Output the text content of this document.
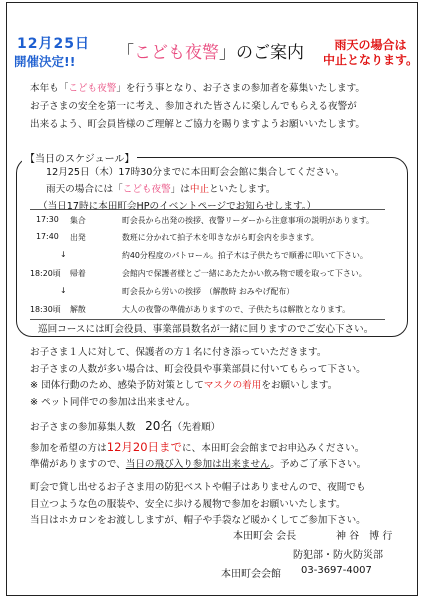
12月25日
開催決定!! 「こども夜警」のご案内	雨天の場合は
中止となります。
本年も「こども夜警」を行う事となり、お子さまの参加者を募集いたします。
お子さまの安全を第一に考え、参加された皆さんに楽しんでもらえる夜警が
出来るよう、町会員皆様のご理解とご協力を賜りますようお願いいたします。
【当日のスケジュール】
12月25日（木）17時30分までに本田町会会館に集合してください。
雨天の場合には「こども夜警」は中止といたします。
（当日17時に本田町会HPのイベントページでお知らせします。）
17:30 集合	町会長から出発の挨拶、夜警リーダーから注意事項の説明があります。
17:40 出発	数班に分かれて拍子木を叩きながら町会内を歩きます。
↓	約40分程度のパトロール。拍子木は子供たちで順番に叩いて下さい。
18:20頃 帰着	会館内で保護者様とご一緒にあたたかい飲み物で暖を取って下さい。
↓	町会長から労いの挨拶　（解散時 おみやげ配布）
18:30頃 解散	大人の夜警の準備がありますので、子供たちは解散となります。
巡回コースには町会役員、事業部員数名が一緒に回りますのでご安心下さい。
お子さま１人に対して、保護者の方１名に付き添っていただきます。
お子さまの人数が多い場合は、町会役員や事業部員に付いてもらって下さい。
※ 団体行動のため、感染予防対策としてマスクの着用をお願いします。
※ ペット同伴での参加は出来ません。
お子さまの参加募集人数　20名（先着順）
参加を希望の方は12月20日までに、本田町会会館までお申込みください。
準備がありますので、当日の飛び入り参加は出来ません。予めご了承下さい。
町会で貸し出せるお子さま用の防犯ベストや帽子はありませんので、夜間でも
目立つような色の服装や、安全に歩ける履物で参加をお願いいたします。
当日はホカロンをお渡ししますが、帽子や手袋など暖かくしてご参加下さい。
本田町会 会長	神 谷　博 行
防犯部・防火防災部
本田町会会館 03-3697-4007
